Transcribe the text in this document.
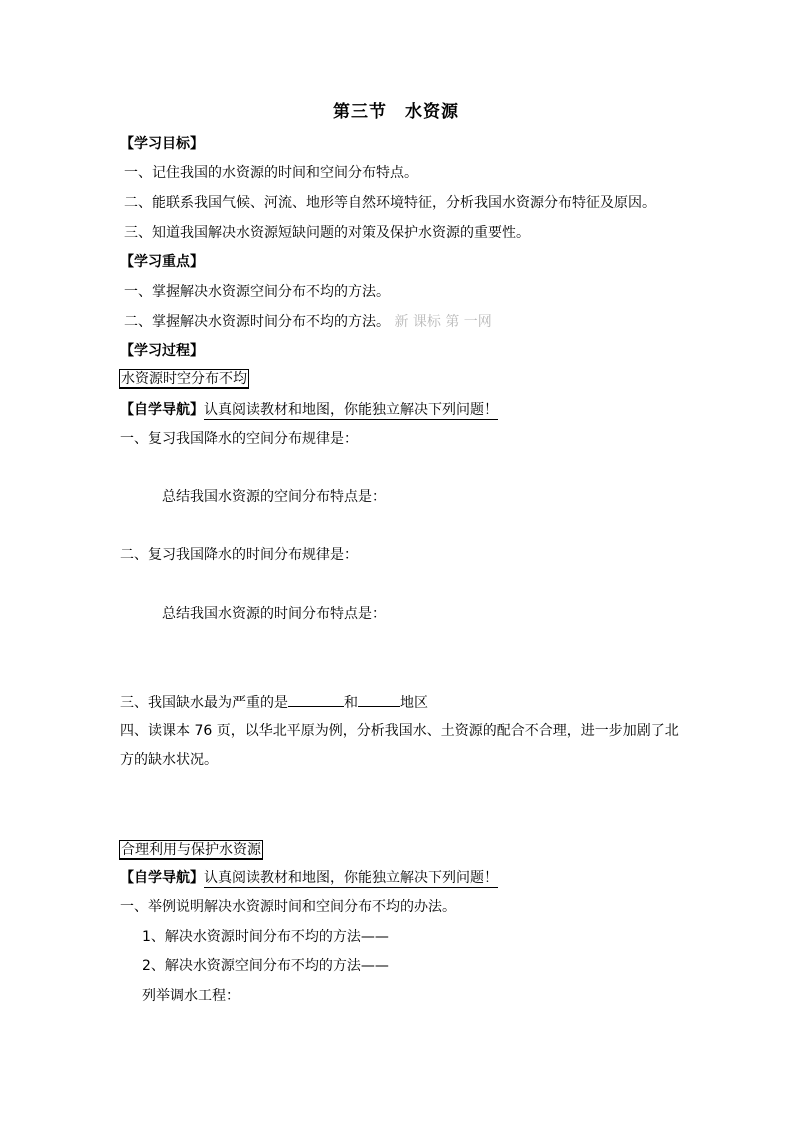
第三节　水资源
【学习目标】
一、记住我国的水资源的时间和空间分布特点。
二、能联系我国气候、河流、地形等自然环境特征，分析我国水资源分布特征及原因。
三、知道我国解决水资源短缺问题的对策及保护水资源的重要性。
【学习重点】
一、掌握解决水资源空间分布不均的方法。
二、掌握解决水资源时间分布不均的方法。 新 课标 第 一网
【学习过程】
水资源时空分布不均
【自学导航】认真阅读教材和地图，你能独立解决下列问题！
一、复习我国降水的空间分布规律是：
总结我国水资源的空间分布特点是：
二、复习我国降水的时间分布规律是：
总结我国水资源的时间分布特点是：
三、我国缺水最为严重的是	和	地区
四、读课本 76 页，以华北平原为例，分析我国水、土资源的配合不合理，进一步加剧了北
方的缺水状况。
合理利用与保护水资源
【自学导航】认真阅读教材和地图，你能独立解决下列问题！
一、举例说明解决水资源时间和空间分布不均的办法。
1、解决水资源时间分布不均的方法——
2、解决水资源空间分布不均的方法——
列举调水工程：
